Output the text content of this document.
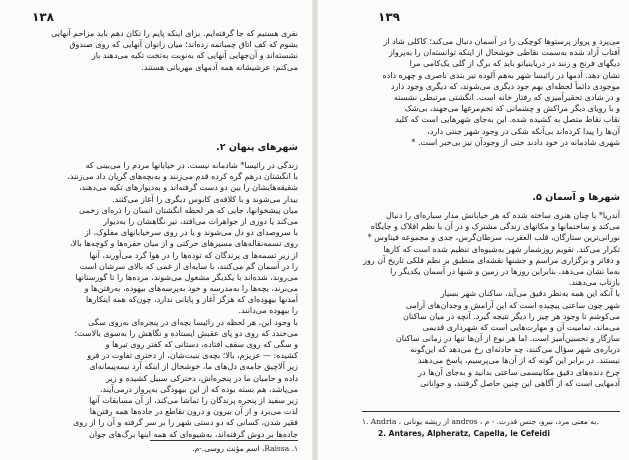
۱۳۸
نفری هستیم که جا گرفته‌ایم. برای اینکه پایم را تکان دهم باید مزاحم آنهایی
بشوم که کف اتاق چمباتمه زده‌اند؛ میان زانوان آنهایی که روی صندوق
نشسته‌اند و آن‌جهایی آنهایی که به‌نوبت به‌تخت تکیه می‌دهند باز
می‌کنم: عرشیشانه همه آدمهای مهربانی هستند.
شهرهای پنهان ۲.
زندگی در رائیسا* شادمانه نیست. در خیابانها مردم را می‌بینی که
با انگشتان درهم گره کرده قدم می‌زنند و به‌بچه‌های گریان داد می‌زنند،
شقیقه‌هایشان را بین دو دست گرفته‌اند و به‌دیوارهای تکیه می‌دهند،
بیدار می‌شوند و با کلافه‌ی کابوس دیگری را آغاز می‌کنند.
میان پیشخوانها، جایی که هر لحظه انگشتان انسان را ذره‌ای زخمی
می‌کند یا دوزی از جواهرات می‌افتد، تیر نگاهشان را به‌دیوار
با سروصدای دو دل می‌شوند و یا در روی سرخیابانهای مفلوک، از
روی تسمه‌نقاله‌های مسیرهای حرکتی و از میان حفره‌ها و کوچه‌ها بالا،
از زیر تسمه‌ها ی پرندگان که توده‌ها را در هوا گرد می‌آورند، آنها
را در آسمان گم می‌کنند، با سایه‌ای از غمی که بالای سرشان است
می‌روند، شده‌اند با یکدیگر مشغول می‌شوند، مرده‌ها را تا گورستانها
می‌برند، بچه‌ها را به‌مدرسه و خود به‌پرسه‌های بیهوده، به‌رفتن‌ها و
آمدنها بیهوده‌ای که هرگز آغاز و پایانی ندارد، چون‌که همه اینکارها
را بیهوده می‌دانند.
با وجود این، هر لحظه در رائیسا بچه‌ای در پنجره‌ای به‌روی سگی
می‌خندد که روی دو پای عقبش ایستاده و نگاهش را به‌سوی بالاست؛
و سگی که روی سقف افتاده، دستانی که کفتر روی تیرها و
کشیده: — عزیزم، بالا؛ بچه‌ی بنیت‌شان، از دختری تفاوت در فرو
زیر آلاچیق جامه‌ی دل‌های ما، خوشحال از اینکه آرد نیمه‌پیمانه‌ای
داده و حامیان ما در پنجره‌اش، دخترکی سبیل کشیده و زیر
می‌پاشد، هم‌ بسته بوده که از این بیهودگی به‌پرواز درمی‌آیند.
زیر سفید از پنجره پرندگان را تماشا می‌کند، از آن مسابقات آنها
لذت می‌برد و از آن بیرون و درون تقاطع در جاده‌ها همه رفتن‌ها
فقیر شدن، کسانی که دو دستی شهر را بر سر گرفته و آن را از روی
جاده‌ها بر دوش گرفته‌اند، به‌شیوه‌ای که همه اینها برگ‌های جوان
۱. Raissa، اسم مؤنث روسی.-م.
۱۳۹
می‌پرد و پرواز پرستوها کوچکی را در آسمان دنبال می‌کند؛ کاکلی شاد از
آفتاب آزاد شده به‌سمت نقاطی خوشحال از اینکه توانسته‌ان را به‌پرواز
دیگهای فرنج و زنند در دریاینیاتو باید که برگ از گلی یک‌کامی مرا
نشان دهد. آدمها در رائیسا شهر به‌هم آلوده تیر بندی ناصری و چهره داده
موجودی دائماً لحظه‌ای بهم جود دیگری می‌شوند، که دیگری وجود دارد
و در شادی تحقیرآمیزی که رفتار خانه است. انگشتی مرتبطی نشسته
و با رویای دیگر مراکش و چشمانی که تخم‌مرغها می‌جهند، بی‌شک
نقاب نقاط متصل به کشیده شده. این به‌جای شهرهایی است که کلید
آن‌ها را پیدا کرده‌اند بی‌آنکه شکی در وجود شهر جنتی دارد،
شهری شادمانه در خود دادند حتی از وجودآن نیز بی‌خبر است. *
شهرها و آسمان ۵.
آندریا* با چنان هنری ساخته شده که هر خیابانش مدار سیاره‌ای را دنبال
می‌کند و ساختمانها و مکانهای زندگی مشترک و در آن با نظم افلاک و جایگاه
نورانی‌ترین ستارگان، قلب العقرب، سرطان‌گرس، جدی و مجموعه فیتاوس *
تکرار می‌کند. تقویم روزشمار شهر به‌شیوه‌ای تنظیم شده است که کارها
و دفاتر و برگزاری مراسم و جشنها نقشه‌ای منطبق بر نظم فلکی تاریخ آن روز
به‌ما نشان می‌دهد. بنابراین روزها در زمین و شبها در آسمان یکدیگر را
بازتاب می‌دهند.
با آنکه این همه به‌نظر دقیق می‌آید، ساکنان شهر بسیار
شهر چون ساعتی پیچیده است که این آرامش و وجدان‌های آرامی
می‌کوشم تا وجود هر چیز را دیگر نتیجه گیرد. آنچه در میان ساکنان
می‌ماند، تمامیت آن و مهارت‌هایی است که شهرداری قدیمی
سازگار و تحسین‌آمیز است. اما هر نوع از آن‌ها تنها در زمانی ساکنان
درباره‌ی شهر سؤال می‌کنند، چه حادثه‌ای رخ می‌دهد که این‌گونه
نیستند. در برابر این گونه که از آن‌ها می‌پرسیم، پاسخ می‌دهند
چرخ دنده‌های دقیق مکانیسمی ساعتی بدانید و به‌جای آن‌ها در
آدمهایی است که از آگاهی این چنین حاصل گرفتند، و جوانانی
۱. Andria ، از ریشه یونانی andros ، به معنی مرد، نیرو، جنس قدرت. - م.
2. Antares, Alpheratz, Capella, le Cefeidi
